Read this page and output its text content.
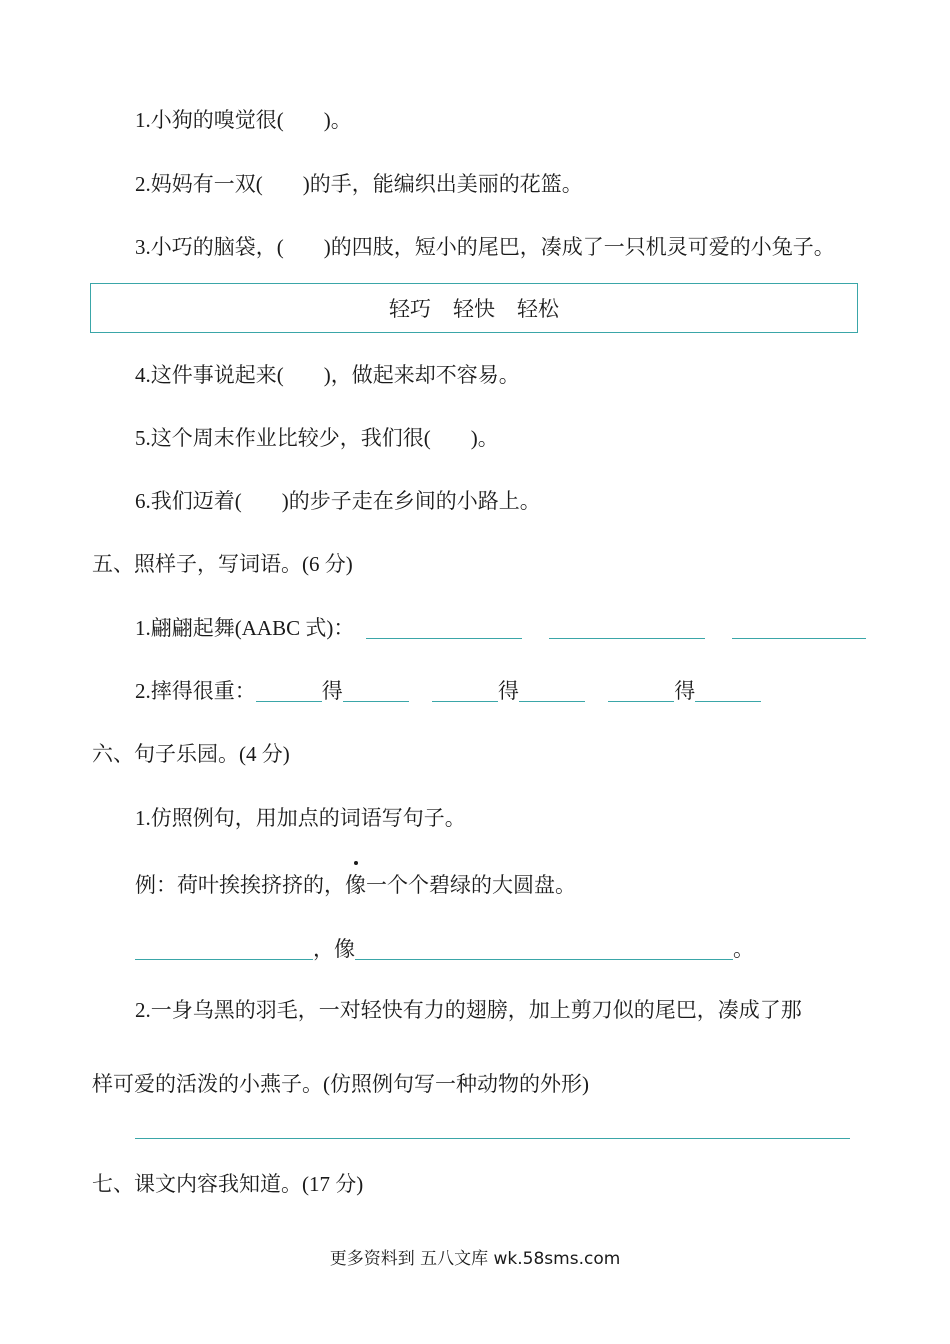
1.小狗的嗅觉很( )。
2.妈妈有一双( )的手，能编织出美丽的花篮。
3.小巧的脑袋，( )的四肢，短小的尾巴，凑成了一只机灵可爱的小兔子。
轻巧 轻快 轻松
4.这件事说起来( )，做起来却不容易。
5.这个周末作业比较少，我们很( )。
6.我们迈着( )的步子走在乡间的小路上。
五、照样子，写词语。(6 分)
1.翩翩起舞(AABC 式)：
2.摔得很重：	得	得	得
六、句子乐园。(4 分)
1.仿照例句，用加点的词语写句子。
例：荷叶挨挨挤挤的，像一个个碧绿的大圆盘。
，像	。
2.一身乌黑的羽毛，一对轻快有力的翅膀，加上剪刀似的尾巴，凑成了那
样可爱的活泼的小燕子。(仿照例句写一种动物的外形)
七、课文内容我知道。(17 分)
更多资料到 五八文库 wk.58sms.com
